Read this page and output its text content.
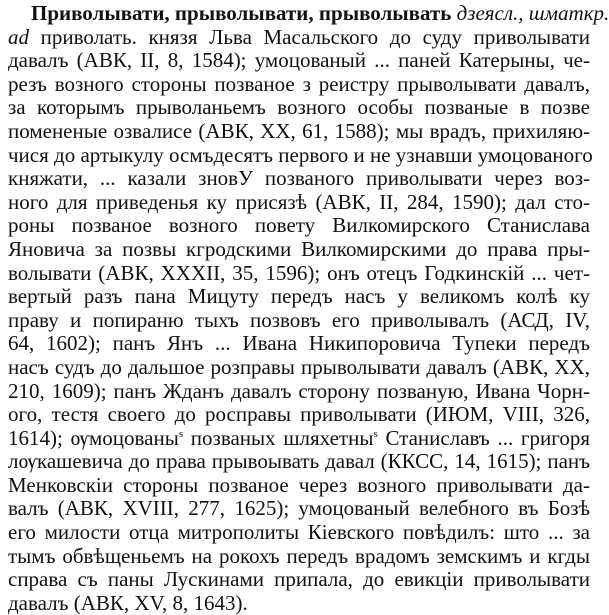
Приволывати, прыволывати, прыволывать дзеясл., шматкр.
ad приволать. князя Льва Масальского до суду приволывати
давалъ (АВК, II, 8, 1584); умоцованый ... паней Катерыны, че-
резъ возного стороны позваное з реистру прыволывати давалъ,
за которымъ прыволаньемъ возного особы позваные в позве
помененые озвалисе (АВК, XX, 61, 1588); мы врадъ, прихиляю-
чися до артыкулу осмъдесятъ первого и не узнавши умоцованого
княжати, ... казали зновУ позваного приволывати через воз-
ного для приведенья ку присязѣ (АВК, II, 284, 1590); дал сто-
роны позваное возного повету Вилкомирского Станислава
Яновича за позвы кгродскими Вилкомирскими до права пры-
волывати (АВК, XXXII, 35, 1596); онъ отецъ Годкинскій ... чет-
вертый разъ пана Мицуту передъ насъ у великомъ колѣ ку
праву и попираню тыхъ позвовъ его приволывалъ (АСД, IV,
64, 1602); панъ Янъ ... Ивана Никипоровича Тупеки передъ
насъ судъ до дальшое розправы прыволывати давалъ (АВК, XX,
210, 1609); панъ Жданъ давалъ сторону позваную, Ивана Чорн-
ого, тестя своего до росправы приволывати (ИЮМ, VIII, 326,
1614); ѹмоцованы$^s$ позваных шляхетны$^s$ Станиславъ ... григоря
лѹкашевича до права прывоывать давал (ККСС, 14, 1615); панъ
Менковскіи стороны позваное через возного приволывати да-
валъ (АВК, XVIII, 277, 1625); умоцованый велебного въ Бозѣ
его милости отца митрополиты Кіевского повѣдилъ: што ... за
тымъ обвѣщеньемъ на рокохъ передъ врадомъ земскимъ и кгды
справа съ паны Лускинами припала, до евикціи приволывати
давалъ (АВК, XV, 8, 1643).
